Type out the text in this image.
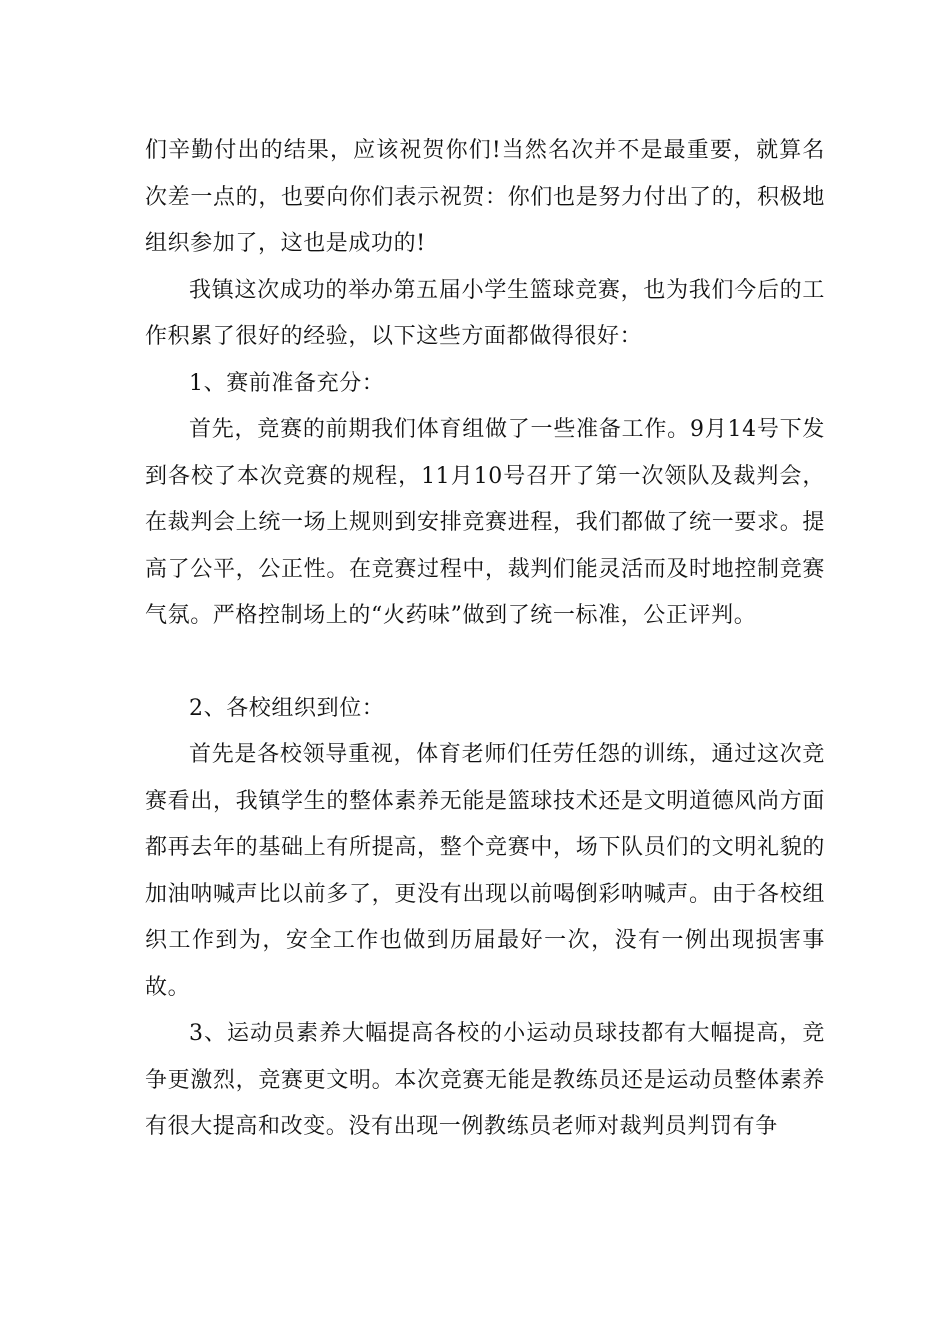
们辛勤付出的结果，应该祝贺你们!当然名次并不是最重要，就算名次差一点的，也要向你们表示祝贺：你们也是努力付出了的，积极地组织参加了，这也是成功的!

我镇这次成功的举办第五届小学生篮球竞赛，也为我们今后的工作积累了很好的经验，以下这些方面都做得很好：

1、赛前准备充分：

首先，竞赛的前期我们体育组做了一些准备工作。9月14号下发到各校了本次竞赛的规程，11月10号召开了第一次领队及裁判会，在裁判会上统一场上规则到安排竞赛进程，我们都做了统一要求。提高了公平，公正性。在竞赛过程中，裁判们能灵活而及时地控制竞赛气氛。严格控制场上的“火药味”做到了统一标准，公正评判。

2、各校组织到位：

首先是各校领导重视，体育老师们任劳任怨的训练，通过这次竞赛看出，我镇学生的整体素养无能是篮球技术还是文明道德风尚方面都再去年的基础上有所提高，整个竞赛中，场下队员们的文明礼貌的加油呐喊声比以前多了，更没有出现以前喝倒彩呐喊声。由于各校组织工作到为，安全工作也做到历届最好一次，没有一例出现损害事故。

3、运动员素养大幅提高各校的小运动员球技都有大幅提高，竞争更激烈，竞赛更文明。本次竞赛无能是教练员还是运动员整体素养有很大提高和改变。没有出现一例教练员老师对裁判员判罚有争
